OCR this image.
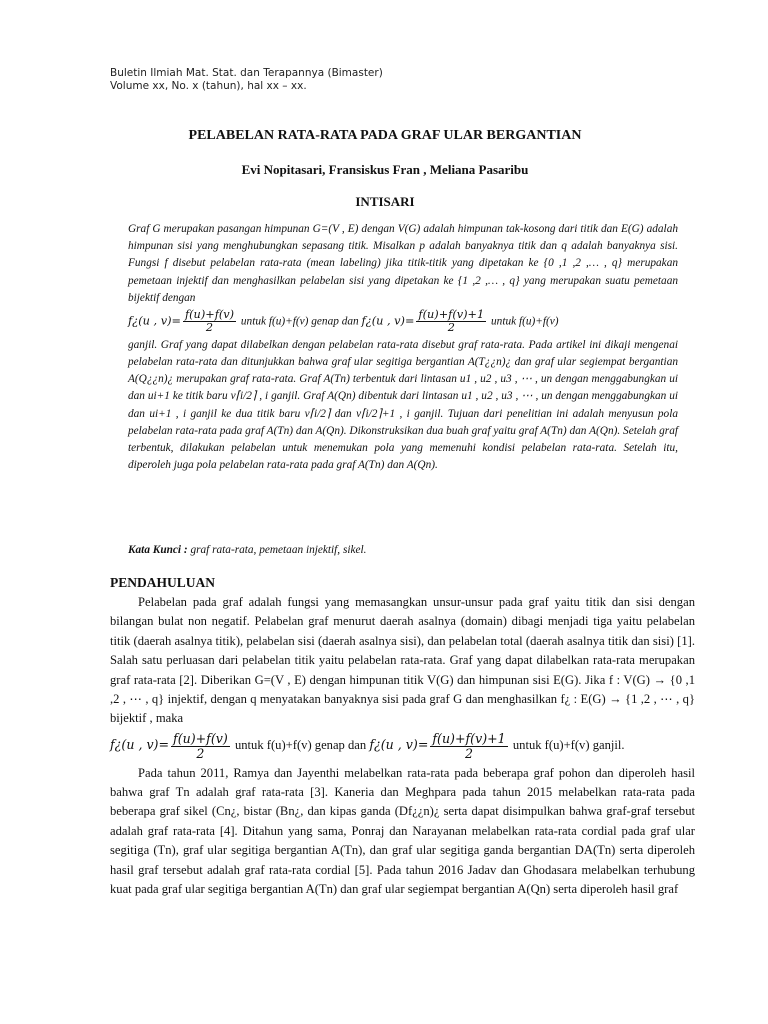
Buletin Ilmiah Mat. Stat. dan Terapannya (Bimaster)
Volume xx, No. x (tahun), hal xx – xx.
PELABELAN RATA-RATA PADA GRAF ULAR BERGANTIAN
Evi Nopitasari, Fransiskus Fran , Meliana Pasaribu
INTISARI

Graf G merupakan pasangan himpunan G=(V , E) dengan V(G) adalah himpunan tak-kosong dari titik dan E(G) adalah himpunan sisi yang menghubungkan sepasang titik. Misalkan p adalah banyaknya titik dan q adalah banyaknya sisi. Fungsi f disebut pelabelan rata-rata (mean labeling) jika titik-titik yang dipetakan ke {0 ,1 ,2 ,… , q} merupakan pemetaan injektif dan menghasilkan pelabelan sisi yang dipetakan ke {1 ,2 ,… , q} yang merupakan suatu pemetaan bijektif dengan

f¿(u , $v)= \frac{f(u)+f(v)}{2}$ untuk f(u)+f(v) genap dan f¿(u , $v)= \frac{f(u)+f(v)+1}{2}$ untuk f(u)+f(v)

ganjil. Graf yang dapat dilabelkan dengan pelabelan rata-rata disebut graf rata-rata. Pada artikel ini dikaji mengenai pelabelan rata-rata dan ditunjukkan bahwa graf ular segitiga bergantian A(T¿¿n)¿ dan graf ular segiempat bergantian A(Q¿¿n)¿ merupakan graf rata-rata. Graf A(Tn) terbentuk dari lintasan u1 , u2 , u3 , ⋯ , un dengan menggabungkan ui dan ui+1 ke titik baru v⌈i/2⌉ , i ganjil. Graf A(Qn) dibentuk dari lintasan u1 , u2 , u3 , ⋯ , un dengan menggabungkan ui dan ui+1 , i ganjil ke dua titik baru v⌈i/2⌉ dan v⌈i/2⌉+1 , i ganjil. Tujuan dari penelitian ini adalah menyusun pola pelabelan rata-rata pada graf A(Tn) dan A(Qn). Dikonstruksikan dua buah graf yaitu graf A(Tn) dan A(Qn). Setelah graf terbentuk, dilakukan pelabelan untuk menemukan pola yang memenuhi kondisi pelabelan rata-rata. Setelah itu, diperoleh juga pola pelabelan rata-rata pada graf A(Tn) dan A(Qn).

Kata Kunci : graf rata-rata, pemetaan injektif, sikel.
PENDAHULUAN

Pelabelan pada graf adalah fungsi yang memasangkan unsur-unsur pada graf yaitu titik dan sisi dengan bilangan bulat non negatif. Pelabelan graf menurut daerah asalnya (domain) dibagi menjadi tiga yaitu pelabelan titik (daerah asalnya titik), pelabelan sisi (daerah asalnya sisi), dan pelabelan total (daerah asalnya titik dan sisi) [1]. Salah satu perluasan dari pelabelan titik yaitu pelabelan rata-rata. Graf yang dapat dilabelkan rata-rata merupakan graf rata-rata [2]. Diberikan G=(V , E) dengan himpunan titik V(G) dan himpunan sisi E(G). Jika f : V(G) → {0 ,1 ,2 , ⋯ , q} injektif, dengan q menyatakan banyaknya sisi pada graf G dan menghasilkan f¿ : E(G) → {1 ,2 , ⋯ , q} bijektif , maka

f¿(u , $v)= \frac{f(u)+f(v)}{2}$ untuk f(u)+f(v) genap dan f¿(u , $v)= \frac{f(u)+f(v)+1}{2}$ untuk f(u)+f(v) ganjil.

Pada tahun 2011, Ramya dan Jayenthi melabelkan rata-rata pada beberapa graf pohon dan diperoleh hasil bahwa graf Tn adalah graf rata-rata [3]. Kaneria dan Meghpara pada tahun 2015 melabelkan rata-rata pada beberapa graf sikel (Cn¿, bistar (Bn¿, dan kipas ganda (Df¿¿n)¿ serta dapat disimpulkan bahwa graf-graf tersebut adalah graf rata-rata [4]. Ditahun yang sama, Ponraj dan Narayanan melabelkan rata-rata cordial pada graf ular segitiga (Tn), graf ular segitiga bergantian A(Tn), dan graf ular segitiga ganda bergantian DA(Tn) serta diperoleh hasil graf tersebut adalah graf rata-rata cordial [5]. Pada tahun 2016 Jadav dan Ghodasara melabelkan terhubung kuat pada graf ular segitiga bergantian A(Tn) dan graf ular segiempat bergantian A(Qn) serta diperoleh hasil graf
